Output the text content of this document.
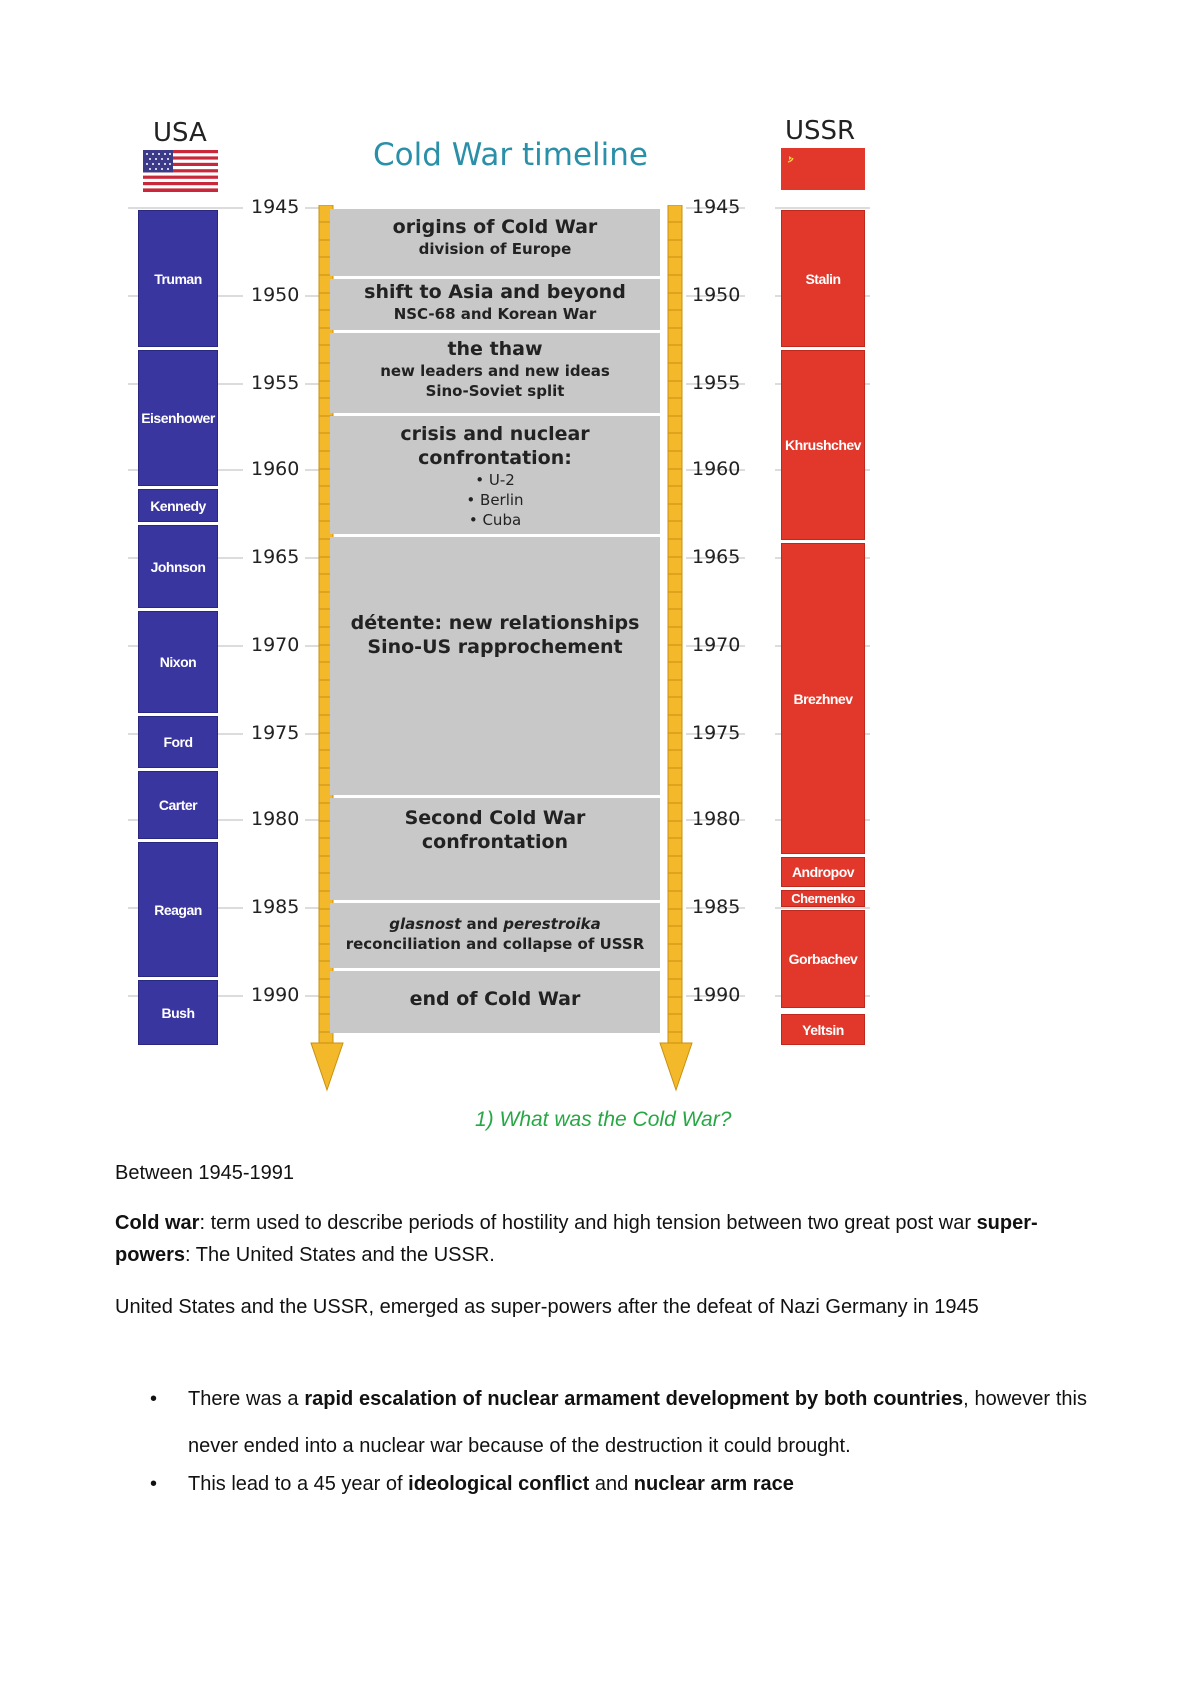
USA	USSR
Cold War timeline
1945
1950
1955
1960
1965
1970
1975
1980
1985
1990
1945
1950
1955
1960
1965
1970
1975
1980
1985
1990
Truman
Eisenhower
Kennedy
Johnson
Nixon
Ford
Carter
Reagan
Bush
Stalin
Khrushchev
Brezhnev
Andropov
Chernenko
Gorbachev
Yeltsin
origins of Cold War
division of Europe
shift to Asia and beyond
NSC-68 and Korean War
the thaw
new leaders and new ideas
Sino-Soviet split
crisis and nuclear
confrontation:
• U-2
• Berlin
• Cuba
détente: new relationships
Sino-US rapprochement
Second Cold War
confrontation
glasnost and perestroika
reconciliation and collapse of USSR
end of Cold War
1) What was the Cold War?
Between 1945-1991
Cold war: term used to describe periods of hostility and high tension between two great post war super-powers: The United States and the USSR.
United States and the USSR, emerged as super-powers after the defeat of Nazi Germany in 1945
• There was a rapid escalation of nuclear armament development by both countries, however this never ended into a nuclear war because of the destruction it could brought.
• This lead to a 45 year of ideological conflict and nuclear arm race
